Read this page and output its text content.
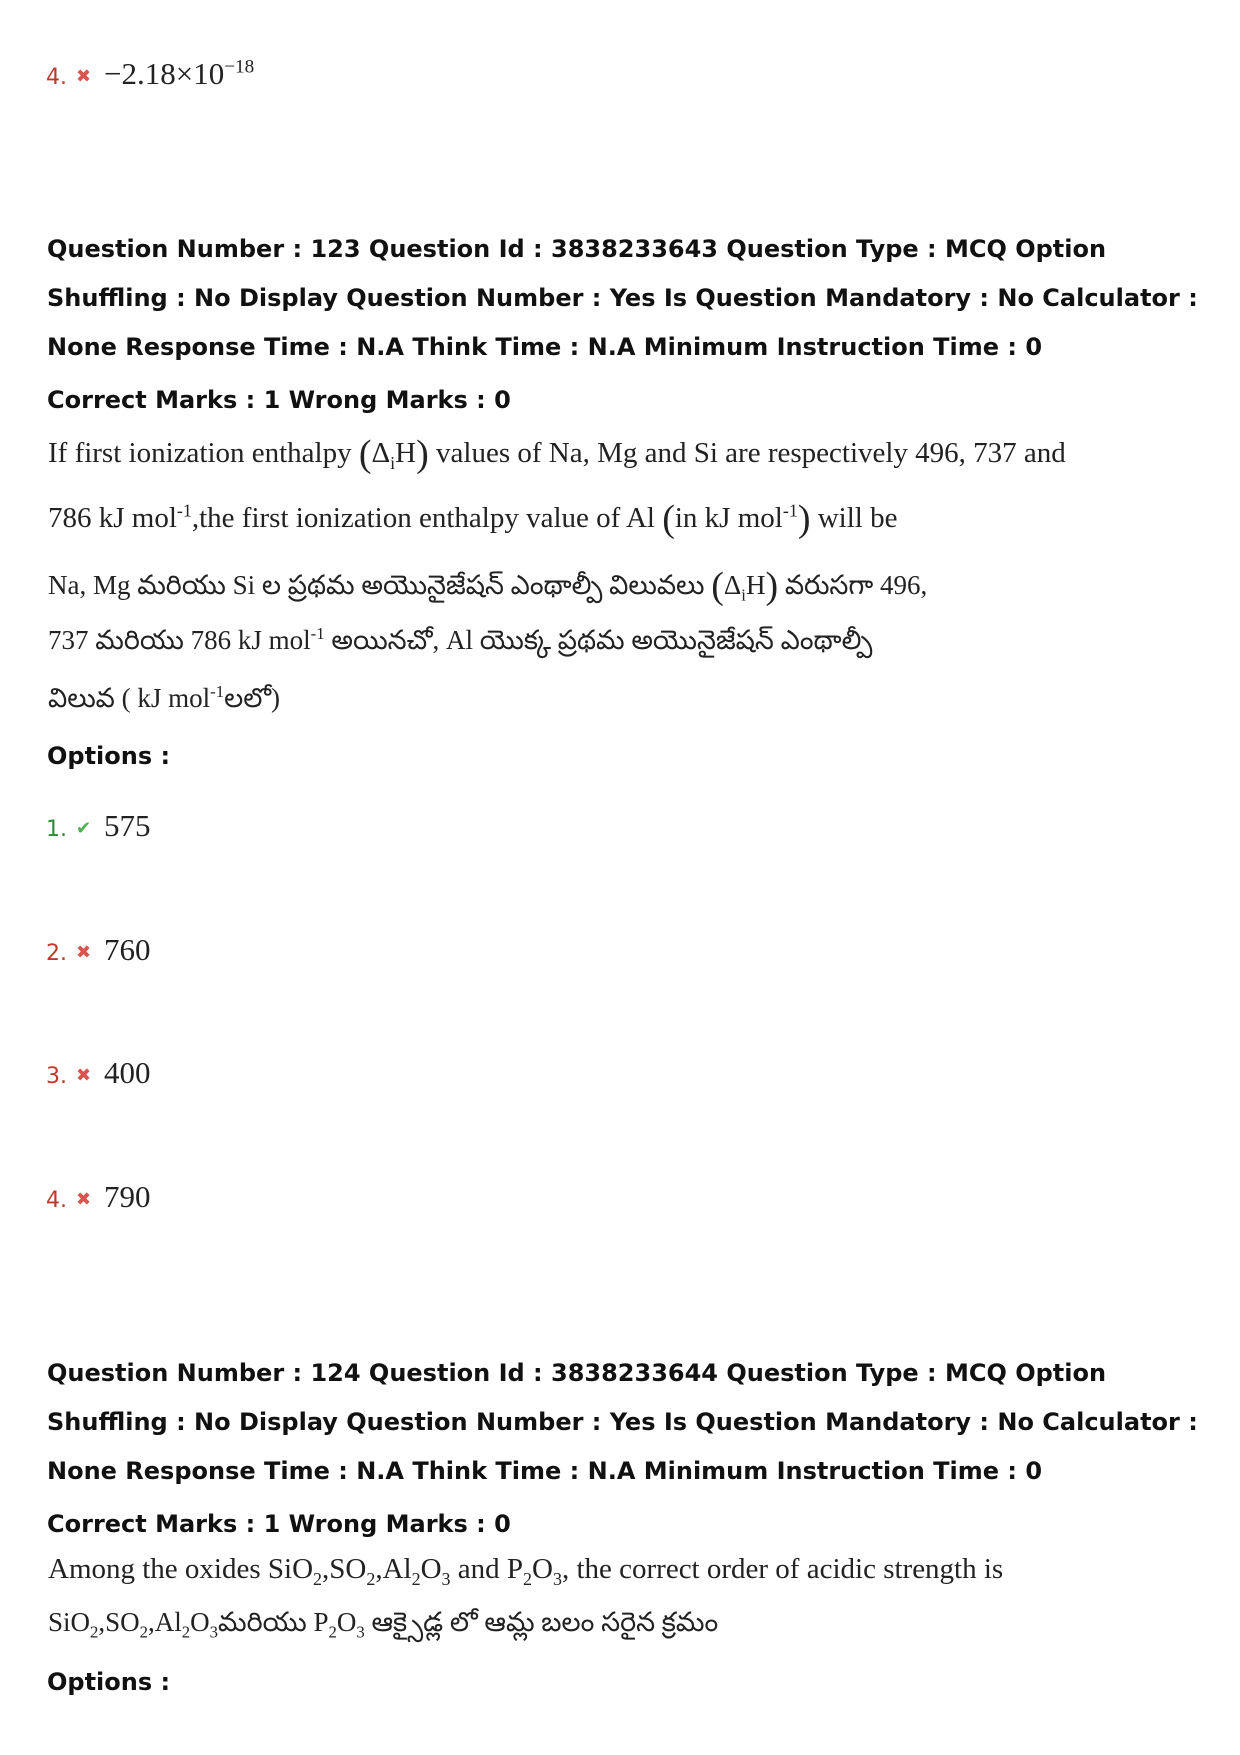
4. ✖ $-2.18\times 10^{-18}$
Question Number : 123 Question Id : 3838233643 Question Type : MCQ Option Shuffling : No Display Question Number : Yes Is Question Mandatory : No Calculator : None Response Time : N.A Think Time : N.A Minimum Instruction Time : 0
Correct Marks : 1 Wrong Marks : 0
If first ionization enthalpy $(\Delta_iH)$ values of Na, Mg and Si are respectively 496, 737 and
786 kJ mol$^{-1}$,the first ionization enthalpy value of Al (in kJ mol$^{-1}$) will be
Na, Mg మరియు Si ల ప్రథమ అయొనైజేషన్ ఎంథాల్పీ విలువలు $(\Delta_iH)$ వరుసగా 496,
737 మరియు 786 kJ mol$^{-1}$ అయినచో, Al యొక్క ప్రథమ అయొనైజేషన్ ఎంథాల్పీ
విలువ ( kJ mol$^{-1}$లలో)
Options :
1. ✔ 575
2. ✖ 760
3. ✖ 400
4. ✖ 790
Question Number : 124 Question Id : 3838233644 Question Type : MCQ Option Shuffling : No Display Question Number : Yes Is Question Mandatory : No Calculator : None Response Time : N.A Think Time : N.A Minimum Instruction Time : 0
Correct Marks : 1 Wrong Marks : 0
Among the oxides $SiO_2,SO_2,Al_2O_3$ and $P_2O_3$, the correct order of acidic strength is
$SiO_2,SO_2,Al_2O_3మరియు$ $P_2O_3$ ఆక్సైడ్ల లో ఆమ్ల బలం సరైన క్రమం
Options :
